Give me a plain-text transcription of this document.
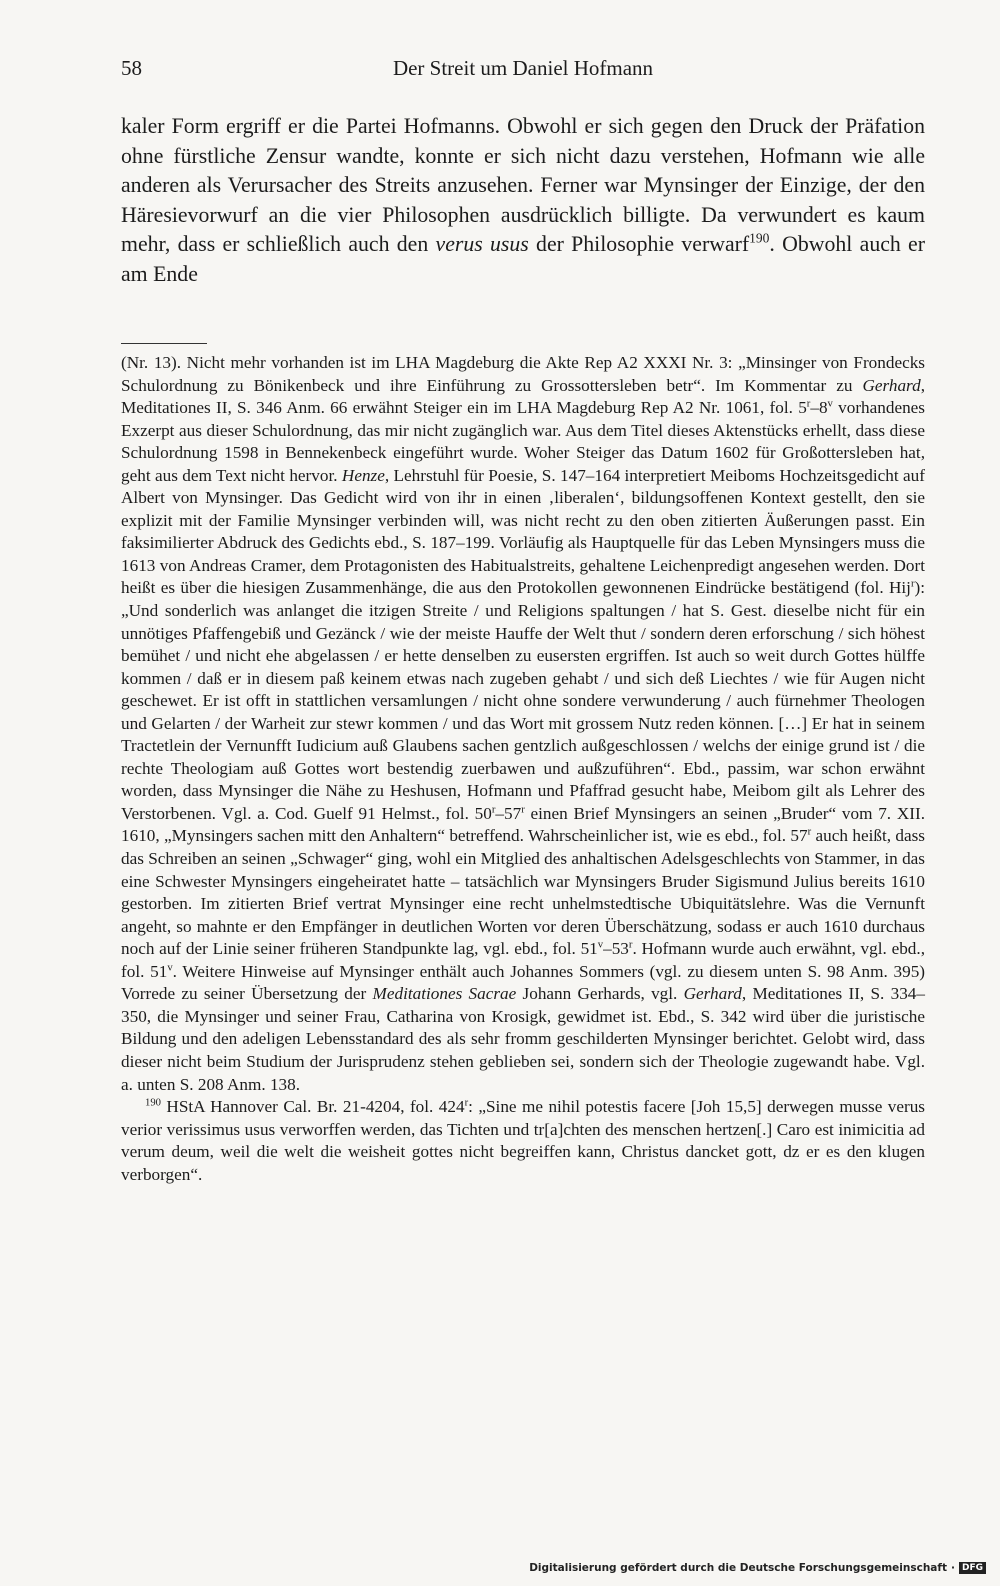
58	Der Streit um Daniel Hofmann

kaler Form ergriff er die Partei Hofmanns. Obwohl er sich gegen den Druck der Präfation ohne fürstliche Zensur wandte, konnte er sich nicht dazu verstehen, Hofmann wie alle anderen als Verursacher des Streits anzusehen. Ferner war Mynsinger der Einzige, der den Häresievorwurf an die vier Philosophen ausdrücklich billigte. Da verwundert es kaum mehr, dass er schließlich auch den verus usus der Philosophie verwarf$^{190}$. Obwohl auch er am Ende

(Nr. 13). Nicht mehr vorhanden ist im LHA Magdeburg die Akte Rep A2 XXXI Nr. 3: „Minsinger von Frondecks Schulordnung zu Bönikenbeck und ihre Einführung zu Grossottersleben betr“. Im Kommentar zu Gerhard, Meditationes II, S. 346 Anm. 66 erwähnt Steiger ein im LHA Magdeburg Rep A2 Nr. 1061, fol. 5$^r$–8$^v$ vorhandenes Exzerpt aus dieser Schulordnung, das mir nicht zugänglich war. Aus dem Titel dieses Aktenstücks erhellt, dass diese Schulordnung 1598 in Bennekenbeck eingeführt wurde. Woher Steiger das Datum 1602 für Großottersleben hat, geht aus dem Text nicht hervor. Henze, Lehrstuhl für Poesie, S. 147–164 interpretiert Meiboms Hochzeitsgedicht auf Albert von Mynsinger. Das Gedicht wird von ihr in einen ‚liberalen‘, bildungsoffenen Kontext gestellt, den sie explizit mit der Familie Mynsinger verbinden will, was nicht recht zu den oben zitierten Äußerungen passt. Ein faksimilierter Abdruck des Gedichts ebd., S. 187–199. Vorläufig als Hauptquelle für das Leben Mynsingers muss die 1613 von Andreas Cramer, dem Protagonisten des Habitualstreits, gehaltene Leichenpredigt angesehen werden. Dort heißt es über die hiesigen Zusammenhänge, die aus den Protokollen gewonnenen Eindrücke bestätigend (fol. Hij$^r$): „Und sonderlich was anlanget die itzigen Streite / und Religions spaltungen / hat S. Gest. dieselbe nicht für ein unnötiges Pfaffengebiß und Gezänck / wie der meiste Hauffe der Welt thut / sondern deren erforschung / sich höhest bemühet / und nicht ehe abgelassen / er hette denselben zu eusersten ergriffen. Ist auch so weit durch Gottes hülffe kommen / daß er in diesem paß keinem etwas nach zugeben gehabt / und sich deß Liechtes / wie für Augen nicht geschewet. Er ist offt in stattlichen versamlungen / nicht ohne sondere verwunderung / auch fürnehmer Theologen und Gelarten / der Warheit zur stewr kommen / und das Wort mit grossem Nutz reden können. […] Er hat in seinem Tractetlein der Vernunfft Iudicium auß Glaubens sachen gentzlich außgeschlossen / welchs der einige grund ist / die rechte Theologiam auß Gottes wort bestendig zuerbawen und außzuführen“. Ebd., passim, war schon erwähnt worden, dass Mynsinger die Nähe zu Heshusen, Hofmann und Pfaffrad gesucht habe, Meibom gilt als Lehrer des Verstorbenen. Vgl. a. Cod. Guelf 91 Helmst., fol. 50$^r$–57$^r$ einen Brief Mynsingers an seinen „Bruder“ vom 7. XII. 1610, „Mynsingers sachen mitt den Anhaltern“ betreffend. Wahrscheinlicher ist, wie es ebd., fol. 57$^r$ auch heißt, dass das Schreiben an seinen „Schwager“ ging, wohl ein Mitglied des anhaltischen Adelsgeschlechts von Stammer, in das eine Schwester Mynsingers eingeheiratet hatte – tatsächlich war Mynsingers Bruder Sigismund Julius bereits 1610 gestorben. Im zitierten Brief vertrat Mynsinger eine recht unhelmstedtische Ubiquitätslehre. Was die Vernunft angeht, so mahnte er den Empfänger in deutlichen Worten vor deren Überschätzung, sodass er auch 1610 durchaus noch auf der Linie seiner früheren Standpunkte lag, vgl. ebd., fol. 51$^v$–53$^r$. Hofmann wurde auch erwähnt, vgl. ebd., fol. 51$^v$. Weitere Hinweise auf Mynsinger enthält auch Johannes Sommers (vgl. zu diesem unten S. 98 Anm. 395) Vorrede zu seiner Übersetzung der Meditationes Sacrae Johann Gerhards, vgl. Gerhard, Meditationes II, S. 334–350, die Mynsinger und seiner Frau, Catharina von Krosigk, gewidmet ist. Ebd., S. 342 wird über die juristische Bildung und den adeligen Lebensstandard des als sehr fromm geschilderten Mynsinger berichtet. Gelobt wird, dass dieser nicht beim Studium der Jurisprudenz stehen geblieben sei, sondern sich der Theologie zugewandt habe. Vgl. a. unten S. 208 Anm. 138.

$^{190}$ HStA Hannover Cal. Br. 21-4204, fol. 424$^r$: „Sine me nihil potestis facere [Joh 15,5] derwegen musse verus verior verissimus usus verworffen werden, das Tichten und tr[a]chten des menschen hertzen[.] Caro est inimicitia ad verum deum, weil die welt die weisheit gottes nicht begreiffen kann, Christus dancket gott, dz er es den klugen verborgen“.

Digitalisierung gefördert durch die Deutsche Forschungsgemeinschaft · DFG
